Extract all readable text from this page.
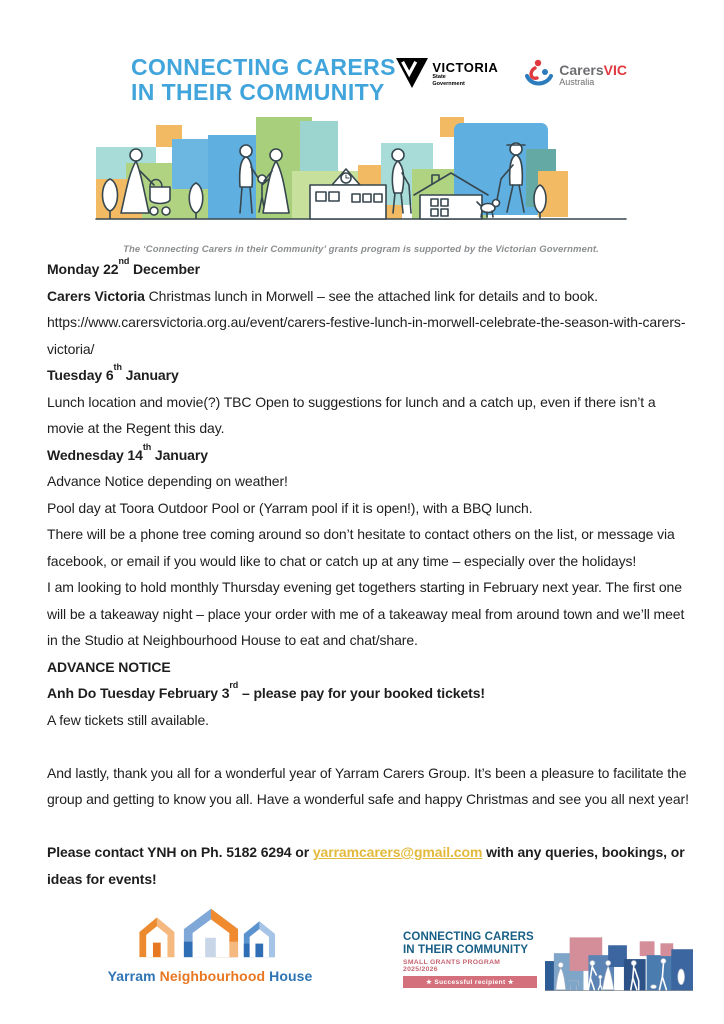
CONNECTING CARERS
IN THEIR COMMUNITY
VICTORIA
State
Government
CarersVIC
Australia
The ‘Connecting Carers in their Community’ grants program is supported by the Victorian Government.

Monday 22nd December

Carers Victoria Christmas lunch in Morwell – see the attached link for details and to book.

https://www.carersvictoria.org.au/event/carers-festive-lunch-in-morwell-celebrate-the-season-with-carers-victoria/

Tuesday 6th January

Lunch location and movie(?) TBC Open to suggestions for lunch and a catch up, even if there isn’t a movie at the Regent this day.

Wednesday 14th January

Advance Notice depending on weather!

Pool day at Toora Outdoor Pool or (Yarram pool if it is open!), with a BBQ lunch.

There will be a phone tree coming around so don’t hesitate to contact others on the list, or message via facebook, or email if you would like to chat or catch up at any time – especially over the holidays!

I am looking to hold monthly Thursday evening get togethers starting in February next year. The first one will be a takeaway night – place your order with me of a takeaway meal from around town and we’ll meet in the Studio at Neighbourhood House to eat and chat/share.

ADVANCE NOTICE

Anh Do Tuesday February 3rd – please pay for your booked tickets!

A few tickets still available.

And lastly, thank you all for a wonderful year of Yarram Carers Group. It’s been a pleasure to facilitate the group and getting to know you all. Have a wonderful safe and happy Christmas and see you all next year!

Please contact YNH on Ph. 5182 6294 or yarramcarers@gmail.com with any queries, bookings, or ideas for events!

Yarram Neighbourhood House
CONNECTING CARERS
IN THEIR COMMUNITY
SMALL GRANTS PROGRAM 2025/2026
★ Successful recipient ★
